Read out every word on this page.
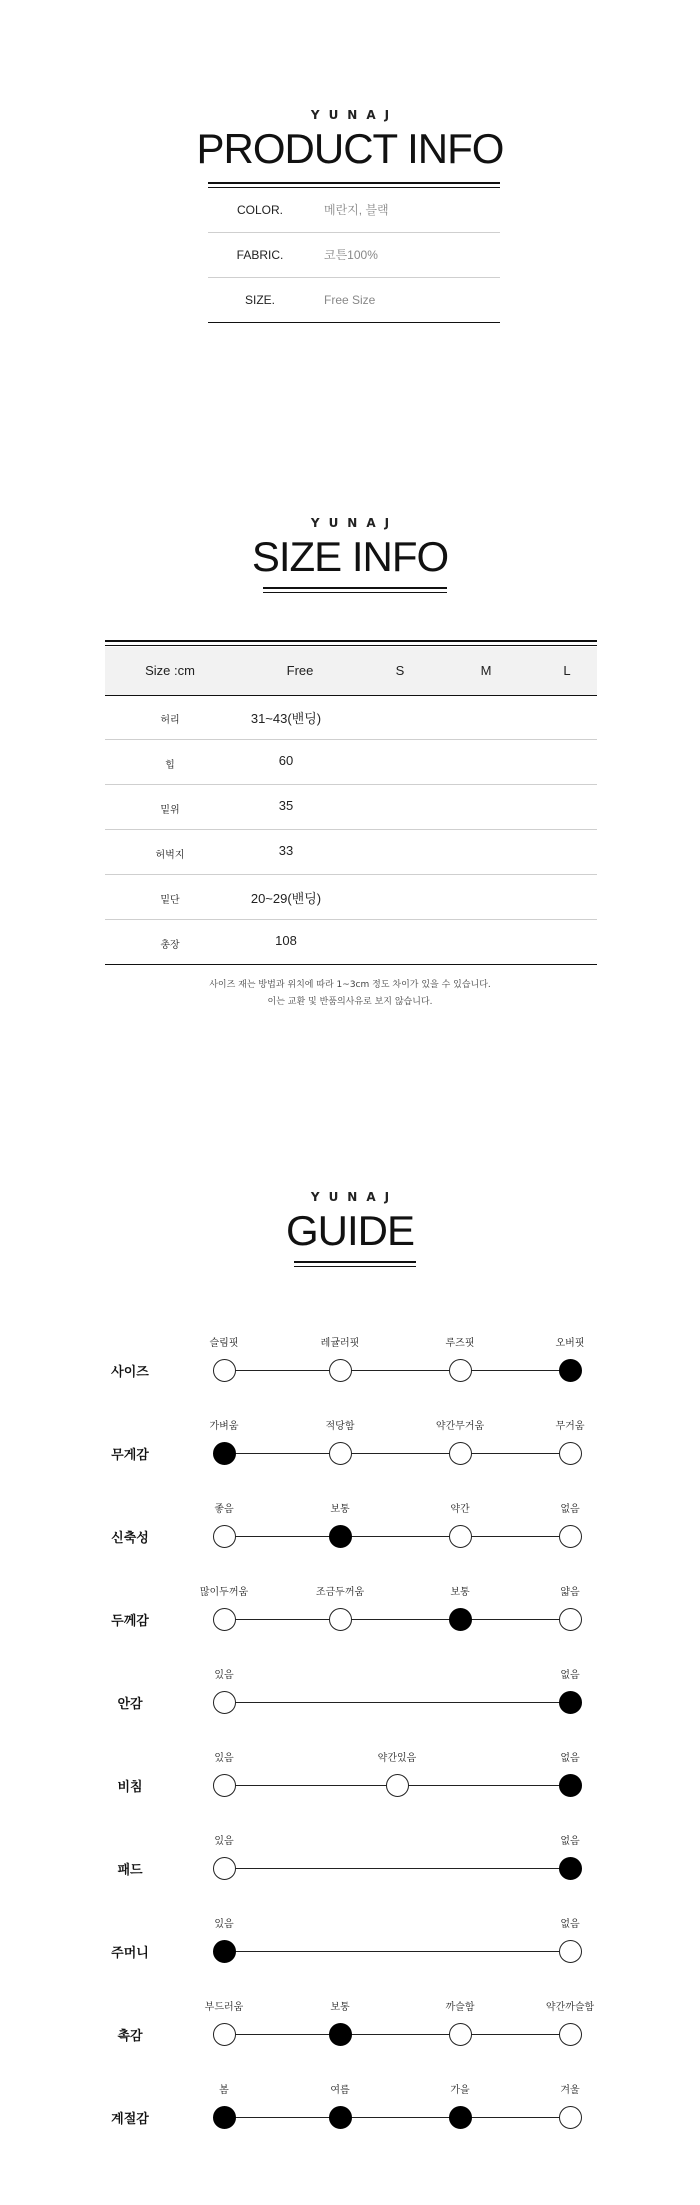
YUNAJ
PRODUCT INFO
COLOR.	메란지, 블랙
FABRIC.	코튼100%
SIZE.	Free Size
YUNAJ
SIZE INFO
Size :cm	Free	S	M	L
허리	31~43(밴딩)
힙	60
밑위	35
허벅지	33
밑단	20~29(밴딩)
총장	108
사이즈 재는 방법과 위치에 따라 1~3cm 정도 차이가 있을 수 있습니다.
이는 교환 및 반품의사유로 보지 않습니다.
YUNAJ
GUIDE
사이즈
슬림핏	레귤러핏	루즈핏	오버핏
무게감
가벼움	적당함	약간무거움	무거움
신축성
좋음	보통	약간	없음
두께감
많이두꺼움	조금두꺼움	보통	얇음
안감
있음	없음
비침
있음	약간있음	없음
패드
있음	없음
주머니
있음	없음
촉감
부드러움	보통	까슬함	약간까슬함
계절감
봄	여름	가을	겨울
